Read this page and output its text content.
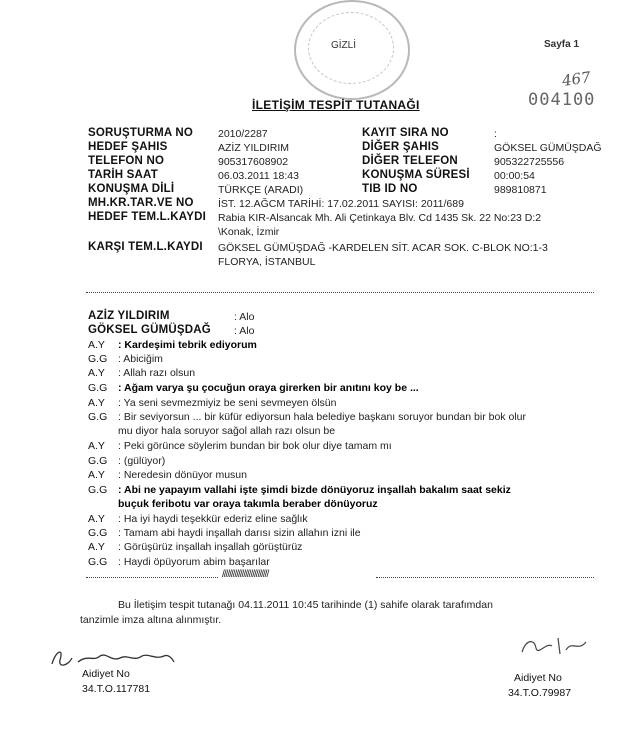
GİZLİ	Sayfa 1
467
004100
İLETİŞİM TESPİT TUTANAĞI
SORUŞTURMA NO 2010/2287
HEDEF ŞAHIS	AZİZ YILDIRIM
TELEFON NO	905317608902
TARİH SAAT	06.03.2011 18:43
KONUŞMA DİLİ	TÜRKÇE (ARADI)
MH.KR.TAR.VE NO İST. 12.AĞCM TARİHİ: 17.02.2011 SAYISI: 2011/689
KAYIT SIRA NO	:
DİĞER ŞAHIS	GÖKSEL GÜMÜŞDAĞ
DİĞER TELEFON	905322725556
KONUŞMA SÜRESİ 00:00:54
TIB ID NO	989810871
HEDEF TEM.L.KAYDI Rabia KIR-Alsancak Mh. Ali Çetinkaya Blv. Cd 1435 Sk. 22 No:23 D:2
\Konak, İzmir
KARŞI TEM.L.KAYDI GÖKSEL GÜMÜŞDAĞ -KARDELEN SİT. ACAR SOK. C-BLOK NO:1-3
FLORYA, İSTANBUL
AZİZ YILDIRIM	: Alo
GÖKSEL GÜMÜŞDAĞ : Alo
A.Y : Kardeşimi tebrik ediyorum
G.G : Abiciğim
A.Y : Allah razı olsun
G.G : Ağam varya şu çocuğun oraya girerken bir anıtını koy be ...
A.Y : Ya seni sevmezmiyiz be seni sevmeyen ölsün
G.G : Bir seviyorsun ... bir küfür ediyorsun hala belediye başkanı soruyor bundan bir bok olur
mu diyor hala soruyor sağol allah razı olsun be
A.Y : Peki görünce söylerim bundan bir bok olur diye tamam mı
G.G : (gülüyor)
A.Y : Neredesin dönüyor musun
G.G : Abi ne yapayım vallahi işte şimdi bizde dönüyoruz inşallah bakalım saat sekiz
buçuk feribotu var oraya takımla beraber dönüyoruz
A.Y : Ha iyi haydi teşekkür ederiz eline sağlık
G.G : Tamam abi haydi inşallah darısı sizin allahın izni ile
A.Y : Görüşürüz inşallah inşallah görüştürüz
G.G : Haydi öpüyorum abim başarılar
//////////////////////////
Bu İletişim tespit tutanağı 04.11.2011 10:45 tarihinde (1) sahife olarak tarafımdan
tanzimle imza altına alınmıştır.
Aidiyet No
34.T.O.117781
Aidiyet No
34.T.O.79987
